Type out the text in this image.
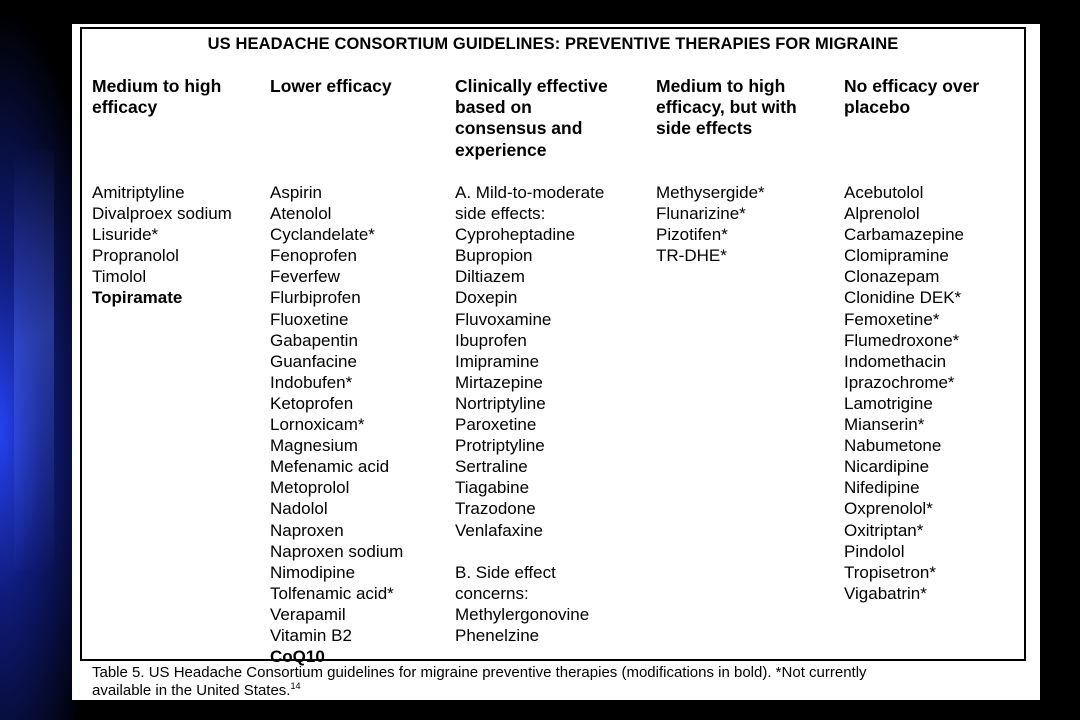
US HEADACHE CONSORTIUM GUIDELINES: PREVENTIVE THERAPIES FOR MIGRAINE
Medium to high
efficacy
Amitriptyline
Divalproex sodium
Lisuride*
Propranolol
Timolol
Topiramate
Lower efficacy
Aspirin
Atenolol
Cyclandelate*
Fenoprofen
Feverfew
Flurbiprofen
Fluoxetine
Gabapentin
Guanfacine
Indobufen*
Ketoprofen
Lornoxicam*
Magnesium
Mefenamic acid
Metoprolol
Nadolol
Naproxen
Naproxen sodium
Nimodipine
Tolfenamic acid*
Verapamil
Vitamin B2
CoQ10
Clinically effective
based on
consensus and
experience
A. Mild-to-moderate
side effects:
Cyproheptadine
Bupropion
Diltiazem
Doxepin
Fluvoxamine
Ibuprofen
Imipramine
Mirtazepine
Nortriptyline
Paroxetine
Protriptyline
Sertraline
Tiagabine
Trazodone
Venlafaxine
B. Side effect
concerns:
Methylergonovine
Phenelzine
Medium to high
efficacy, but with
side effects
Methysergide*
Flunarizine*
Pizotifen*
TR-DHE*
No efficacy over
placebo
Acebutolol
Alprenolol
Carbamazepine
Clomipramine
Clonazepam
Clonidine DEK*
Femoxetine*
Flumedroxone*
Indomethacin
Iprazochrome*
Lamotrigine
Mianserin*
Nabumetone
Nicardipine
Nifedipine
Oxprenolol*
Oxitriptan*
Pindolol
Tropisetron*
Vigabatrin*
Table 5. US Headache Consortium guidelines for migraine preventive therapies (modifications in bold). *Not currently
available in the United States.$^{14}$
